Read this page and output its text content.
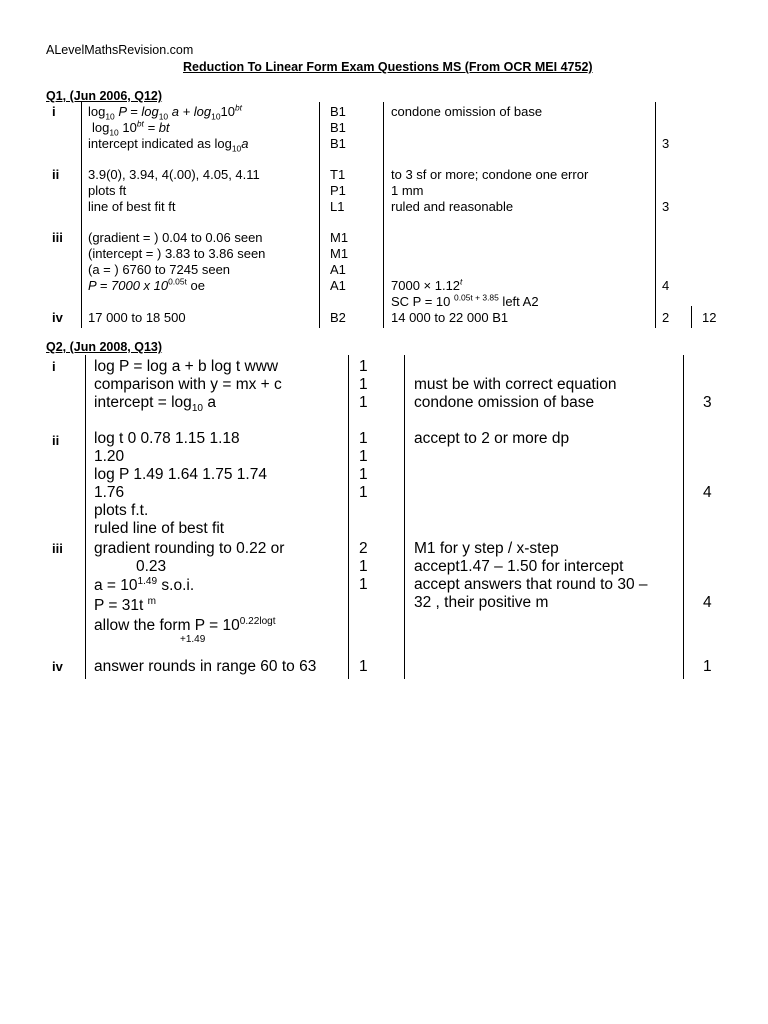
ALevelMathsRevision.com
Reduction To Linear Form Exam Questions MS (From OCR MEI 4752)
Q1, (Jun 2006, Q12)
i
ii
iii
iv
$\log_{10} P = \log_{10} a + \log_{10}10^{bt}$
$\log_{10} 10^{bt}$ = bt
intercept indicated as $\log_{10}a$
3.9(0), 3.94, 4(.00), 4.05, 4.11
plots ft
line of best fit ft
(gradient = ) 0.04 to 0.06 seen
(intercept = ) 3.83 to 3.86 seen
(a = ) 6760 to 7245 seen
P = 7000 x $10^{0.05t}$ oe
17 000 to 18 500
B1
B1
B1
T1
P1
L1
M1
M1
A1
A1
B2
condone omission of base
to 3 sf or more; condone one error
1 mm
ruled and reasonable
$7000 \times 1.12^t$
SC P = 10 $^{0.05t + 3.85}$ left A2
14 000 to 22 000 B1
3
3
4
2	12
Q2, (Jun 2008, Q13)
i
ii
iii
iv
log P = log a + b log t www
comparison with y = mx + c
intercept = $\log_{10} a$
log t 0 0.78 1.15 1.18
1.20
log P 1.49 1.64 1.75 1.74
1.76
plots f.t.
ruled line of best fit
gradient rounding to 0.22 or
0.23
$a = 10^{1.49}$ s.o.i.
P = 31t $^m$
allow the form $P = 10^{0.22logt}$
+1.49
answer rounds in range 60 to 63
1
1
1
1
1
1
1
2
1
1
1
must be with correct equation
condone omission of base
accept to 2 or more dp
M1 for y step / x-step
accept1.47 – 1.50 for intercept
accept answers that round to 30 –
32 , their positive m
3
4
4
1
